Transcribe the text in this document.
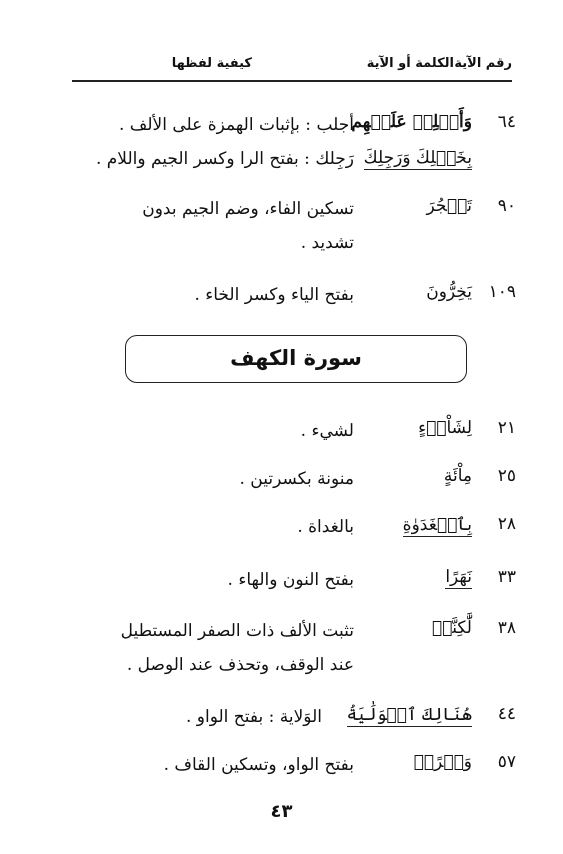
رقم الآية
الكلمة أو الآية
كيفية لفظها
٦٤
وَأَجۡلِبۡ عَلَيۡهِم
بِخَيۡلِكَ وَرَجِلِكَ
أجلب : بإثبات الهمزة على الألف .
رَجِلك : بفتح الرا وكسر الجيم واللام .
٩٠
تَفۡجُرَ
تسكين الفاء، وضم الجيم بدون
تشديد .
١٠٩
يَخِرُّونَ
بفتح الياء وكسر الخاء .
سورة الكهف
٢١
لِشَاْيۡءٍ
لشيء .
٢٥
مِاْئَةٍ
منونة بكسرتين .
٢٨
بِٱلۡغَدَوٰةِ
بالغداة .
٣٣
نَهَرًا
بفتح النون والهاء .
٣٨
لَّٰكِنَّا۠
تثبت الألف ذات الصفر المستطيل
عند الوقف، وتحذف عند الوصل .
٤٤
هُنَالِكَ ٱلۡوَلَٰيَةُ
الوَلاية : بفتح الواو .
٥٧
وَقۡرًاۖ
بفتح الواو، وتسكين القاف .
٤٣
